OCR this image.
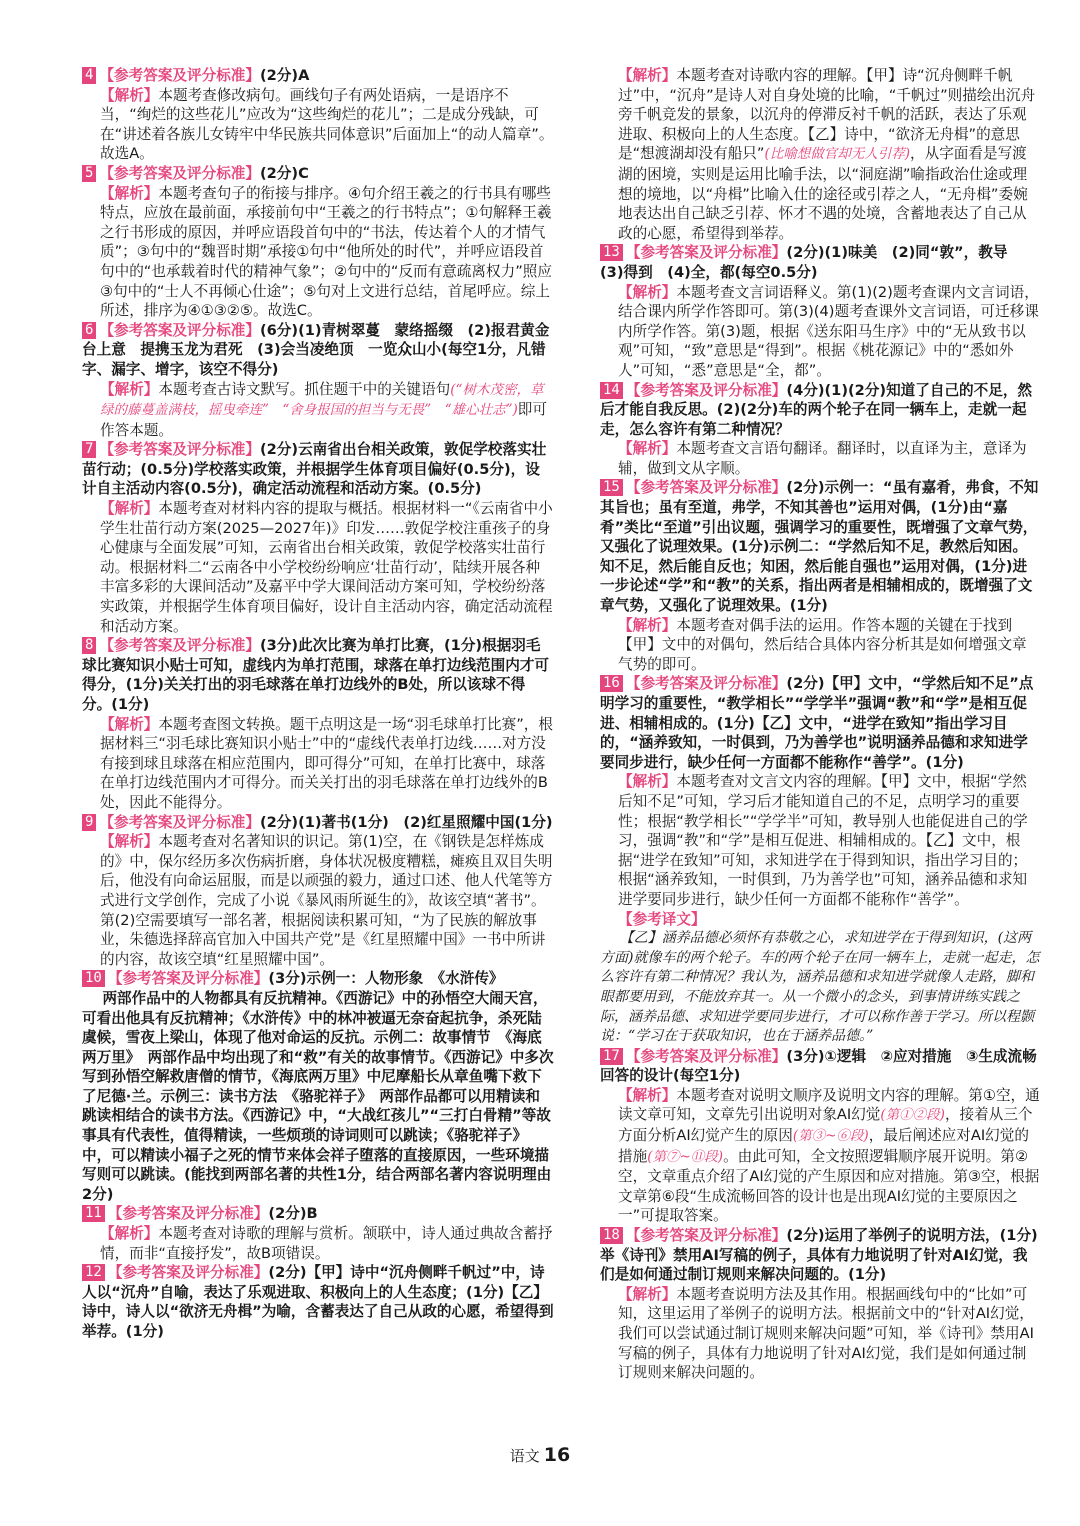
4 【参考答案及评分标准】(2分)A

【解析】本题考查修改病句。画线句子有两处语病，一是语序不当，“绚烂的这些花儿”应改为“这些绚烂的花儿”；二是成分残缺，可在“讲述着各族儿女铸牢中华民族共同体意识”后面加上“的动人篇章”。故选A。

5 【参考答案及评分标准】(2分)C

【解析】本题考查句子的衔接与排序。④句介绍王羲之的行书具有哪些特点，应放在最前面，承接前句中“王羲之的行书特点”；①句解释王羲之行书形成的原因，并呼应语段首句中的“书法，传达着个人的才情气质”；③句中的“魏晋时期”承接①句中“他所处的时代”，并呼应语段首句中的“也承载着时代的精神气象”；②句中的“反而有意疏离权力”照应③句中的“士人不再倾心仕途”；⑤句对上文进行总结，首尾呼应。综上所述，排序为④①③②⑤。故选C。

6 【参考答案及评分标准】(6分)(1)青树翠蔓　蒙络摇缀　(2)报君黄金台上意　提携玉龙为君死　(3)会当凌绝顶　一览众山小(每空1分，凡错字、漏字、增字，该空不得分)

【解析】本题考查古诗文默写。抓住题干中的关键语句(“树木茂密，草绿的藤蔓盖满枝，摇曳牵连”　“舍身报国的担当与无畏”　“雄心壮志”)即可作答本题。

7 【参考答案及评分标准】(2分)云南省出台相关政策，敦促学校落实壮苗行动；(0.5分)学校落实政策，并根据学生体育项目偏好(0.5分)，设计自主活动内容(0.5分)，确定活动流程和活动方案。(0.5分)

【解析】本题考查对材料内容的提取与概括。根据材料一“《云南省中小学生壮苗行动方案(2025—2027年)》印发……敦促学校注重孩子的身心健康与全面发展”可知，云南省出台相关政策，敦促学校落实壮苗行动。根据材料二“云南各中小学校纷纷响应‘壮苗行动’，陆续开展各种丰富多彩的大课间活动”及嘉平中学大课间活动方案可知，学校纷纷落实政策，并根据学生体育项目偏好，设计自主活动内容，确定活动流程和活动方案。

8 【参考答案及评分标准】(3分)此次比赛为单打比赛，(1分)根据羽毛球比赛知识小贴士可知，虚线内为单打范围，球落在单打边线范围内才可得分，(1分)关关打出的羽毛球落在单打边线外的B处，所以该球不得分。(1分)

【解析】本题考查图文转换。题干点明这是一场“羽毛球单打比赛”，根据材料三“羽毛球比赛知识小贴士”中的“虚线代表单打边线……对方没有接到球且球落在相应范围内，即可得分”可知，在单打比赛中，球落在单打边线范围内才可得分。而关关打出的羽毛球落在单打边线外的B处，因此不能得分。

9 【参考答案及评分标准】(2分)(1)著书(1分)　(2)红星照耀中国(1分)

【解析】本题考查对名著知识的识记。第(1)空，在《钢铁是怎样炼成的》中，保尔经历多次伤病折磨，身体状况极度糟糕，瘫痪且双目失明后，他没有向命运屈服，而是以顽强的毅力，通过口述、他人代笔等方式进行文学创作，完成了小说《暴风雨所诞生的》，故该空填“著书”。第(2)空需要填写一部名著，根据阅读积累可知，“为了民族的解放事业，朱德选择辞高官加入中国共产党”是《红星照耀中国》一书中所讲的内容，故该空填“红星照耀中国”。

10 【参考答案及评分标准】(3分)示例一：人物形象　《水浒传》

两部作品中的人物都具有反抗精神。《西游记》中的孙悟空大闹天宫，可看出他具有反抗精神；《水浒传》中的林冲被逼无奈奋起抗争，杀死陆虞候，雪夜上梁山，体现了他对命运的反抗。示例二：故事情节　《海底两万里》　两部作品中均出现了和“救”有关的故事情节。《西游记》中多次写到孙悟空解救唐僧的情节，《海底两万里》中尼摩船长从章鱼嘴下救下了尼德·兰。示例三：读书方法　《骆驼祥子》　两部作品都可以用精读和跳读相结合的读书方法。《西游记》中，“大战红孩儿”“三打白骨精”等故事具有代表性，值得精读，一些烦琐的诗词则可以跳读；《骆驼祥子》中，可以精读小福子之死的情节来体会祥子堕落的直接原因，一些环境描写则可以跳读。(能找到两部名著的共性1分，结合两部名著内容说明理由2分)

11 【参考答案及评分标准】(2分)B

【解析】本题考查对诗歌的理解与赏析。颔联中，诗人通过典故含蓄抒情，而非“直接抒发”，故B项错误。

12 【参考答案及评分标准】(2分)【甲】诗中“沉舟侧畔千帆过”中，诗人以“沉舟”自喻，表达了乐观进取、积极向上的人生态度；(1分)【乙】诗中，诗人以“欲济无舟楫”为喻，含蓄表达了自己从政的心愿，希望得到举荐。(1分)

【解析】本题考查对诗歌内容的理解。【甲】诗“沉舟侧畔千帆过”中，“沉舟”是诗人对自身处境的比喻，“千帆过”则描绘出沉舟旁千帆竞发的景象，以沉舟的停滞反衬千帆的活跃，表达了乐观进取、积极向上的人生态度。【乙】诗中，“欲济无舟楫”的意思是“想渡湖却没有船只”(比喻想做官却无人引荐)，从字面看是写渡湖的困境，实则是运用比喻手法，以“洞庭湖”喻指政治仕途或理想的境地，以“舟楫”比喻入仕的途径或引荐之人，“无舟楫”委婉地表达出自己缺乏引荐、怀才不遇的处境，含蓄地表达了自己从政的心愿，希望得到举荐。

13 【参考答案及评分标准】(2分)(1)味美　(2)同“敦”，教导　(3)得到　(4)全，都(每空0.5分)

【解析】本题考查文言词语释义。第(1)(2)题考查课内文言词语，结合课内所学作答即可。第(3)(4)题考查课外文言词语，可迁移课内所学作答。第(3)题，根据《送东阳马生序》中的“无从致书以观”可知，“致”意思是“得到”。根据《桃花源记》中的“悉如外人”可知，“悉”意思是“全，都”。

14 【参考答案及评分标准】(4分)(1)(2分)知道了自己的不足，然后才能自我反思。(2)(2分)车的两个轮子在同一辆车上，走就一起走，怎么容许有第二种情况？

【解析】本题考查文言语句翻译。翻译时，以直译为主，意译为辅，做到文从字顺。

15 【参考答案及评分标准】(2分)示例一：“虽有嘉肴，弗食，不知其旨也；虽有至道，弗学，不知其善也”运用对偶，(1分)由“嘉肴”类比“至道”引出议题，强调学习的重要性，既增强了文章气势，又强化了说理效果。(1分)示例二：“学然后知不足，教然后知困。知不足，然后能自反也；知困，然后能自强也”运用对偶，(1分)进一步论述“学”和“教”的关系，指出两者是相辅相成的，既增强了文章气势，又强化了说理效果。(1分)

【解析】本题考查对偶手法的运用。作答本题的关键在于找到【甲】文中的对偶句，然后结合具体内容分析其是如何增强文章气势的即可。

16 【参考答案及评分标准】(2分)【甲】文中，“学然后知不足”点明学习的重要性，“教学相长”“学学半”强调“教”和“学”是相互促进、相辅相成的。(1分)【乙】文中，“进学在致知”指出学习目的，“涵养致知，一时俱到，乃为善学也”说明涵养品德和求知进学要同步进行，缺少任何一方面都不能称作“善学”。(1分)

【解析】本题考查对文言文内容的理解。【甲】文中，根据“学然后知不足”可知，学习后才能知道自己的不足，点明学习的重要性；根据“教学相长”“学学半”可知，教导别人也能促进自己的学习，强调“教”和“学”是相互促进、相辅相成的。【乙】文中，根据“进学在致知”可知，求知进学在于得到知识，指出学习目的；根据“涵养致知，一时俱到，乃为善学也”可知，涵养品德和求知进学要同步进行，缺少任何一方面都不能称作“善学”。

【参考译文】

【乙】涵养品德必须怀有恭敬之心，求知进学在于得到知识，(这两方面)就像车的两个轮子。车的两个轮子在同一辆车上，走就一起走，怎么容许有第二种情况？我认为，涵养品德和求知进学就像人走路，脚和眼都要用到，不能放弃其一。从一个微小的念头，到事情讲练实践之际，涵养品德、求知进学要同步进行，才可以称作善于学习。所以程颢说：“学习在于获取知识，也在于涵养品德。”

17 【参考答案及评分标准】(3分)①逻辑　②应对措施　③生成流畅回答的设计(每空1分)

【解析】本题考查对说明文顺序及说明文内容的理解。第①空，通读文章可知，文章先引出说明对象AI幻觉(第①②段)，接着从三个方面分析AI幻觉产生的原因(第③~⑥段)，最后阐述应对AI幻觉的措施(第⑦~⑪段)。由此可知，全文按照逻辑顺序展开说明。第②空，文章重点介绍了AI幻觉的产生原因和应对措施。第③空，根据文章第⑥段“生成流畅回答的设计也是出现AI幻觉的主要原因之一”可提取答案。

18 【参考答案及评分标准】(2分)运用了举例子的说明方法，(1分)举《诗刊》禁用AI写稿的例子，具体有力地说明了针对AI幻觉，我们是如何通过制订规则来解决问题的。(1分)

【解析】本题考查说明方法及其作用。根据画线句中的“比如”可知，这里运用了举例子的说明方法。根据前文中的“针对AI幻觉，我们可以尝试通过制订规则来解决问题”可知，举《诗刊》禁用AI写稿的例子，具体有力地说明了针对AI幻觉，我们是如何通过制订规则来解决问题的。

语文 16
